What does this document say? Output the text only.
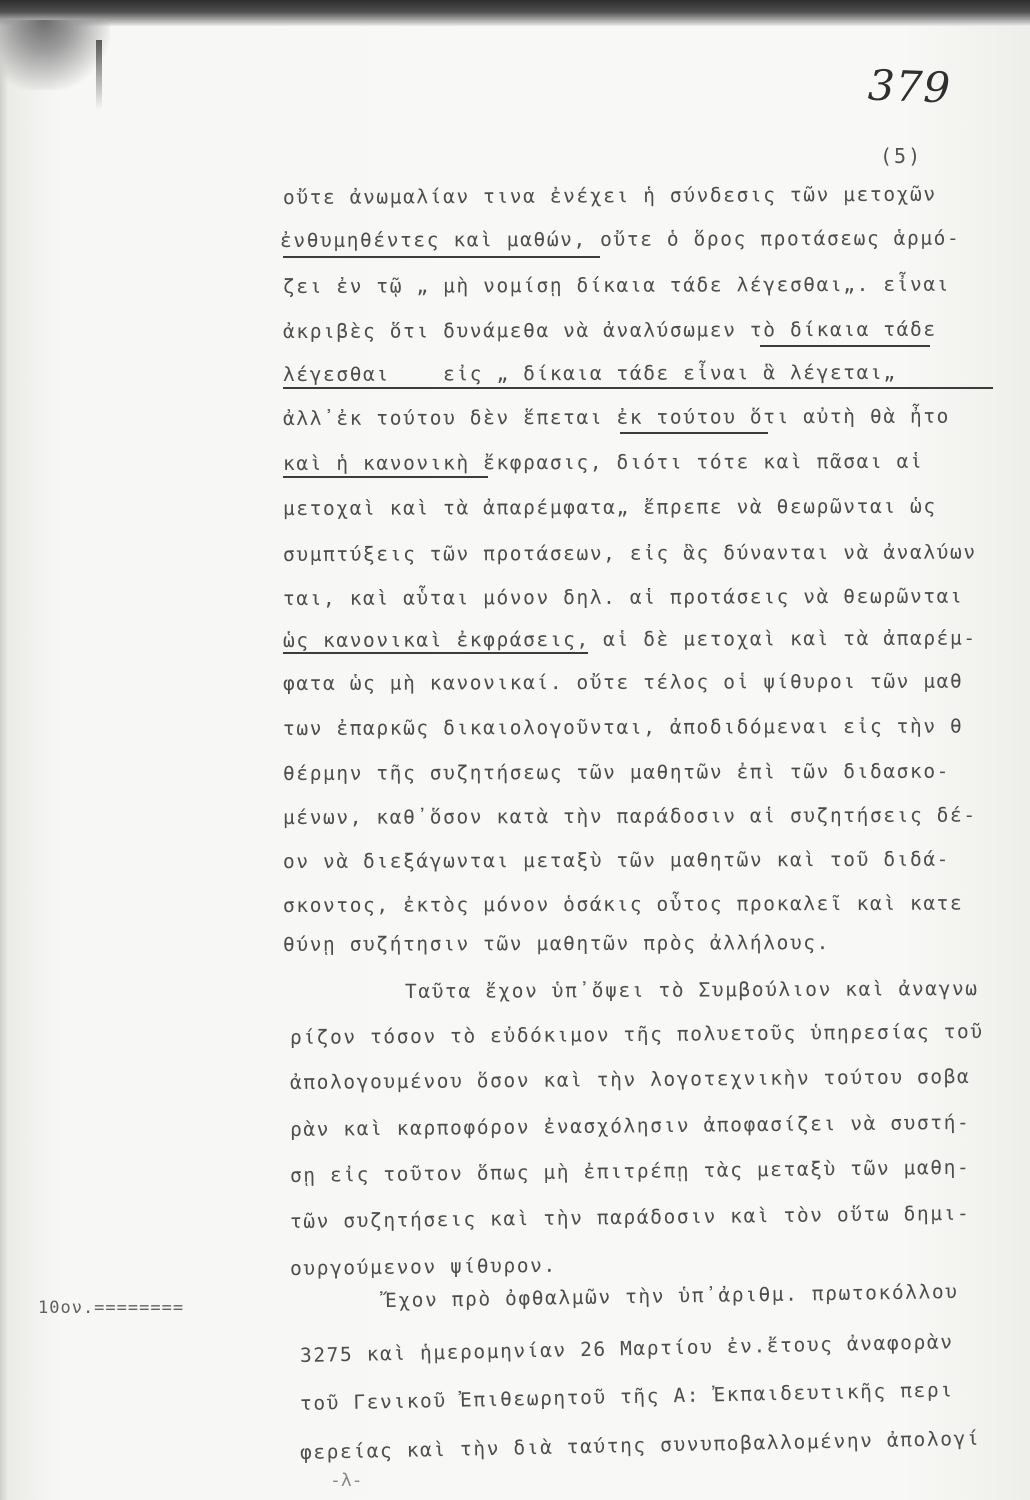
379
(5)
οὔτε ἀνωμαλίαν τινα ἐνέχει ἡ σύνδεσις τῶν μετοχῶν
ἐνθυμηθέντες καὶ μαθών, οὔτε ὁ ὅρος προτάσεως ἁρμό-
ζει ἐν τῷ „ μὴ νομίσῃ δίκαια τάδε λέγεσθαι„. εἶναι
ἀκριβὲς ὅτι δυνάμεθα νὰ ἀναλύσωμεν τὸ δίκαια τάδε
λέγεσθαι    εἰς „ δίκαια τάδε εἶναι ἃ λέγεται„
ἀλλ᾽ἐκ τούτου δὲν ἕπεται ἐκ τούτου ὅτι αὐτὴ θὰ ἦτο
καὶ ἡ κανονικὴ ἔκφρασις, διότι τότε καὶ πᾶσαι αἱ
μετοχαὶ καὶ τὰ ἀπαρέμφατα„ ἔπρεπε νὰ θεωρῶνται ὡς
συμπτύξεις τῶν προτάσεων, εἰς ἃς δύνανται νὰ ἀναλύων
ται, καὶ αὗται μόνον δηλ. αἱ προτάσεις νὰ θεωρῶνται
ὡς κανονικαὶ ἐκφράσεις, αἱ δὲ μετοχαὶ καὶ τὰ ἀπαρέμ-
φατα ὡς μὴ κανονικαί. οὔτε τέλος οἱ ψίθυροι τῶν μαθ
των ἐπαρκῶς δικαιολογοῦνται, ἀποδιδόμεναι εἰς τὴν θ
θέρμην τῆς συζητήσεως τῶν μαθητῶν ἐπὶ τῶν διδασκο-
μένων, καθ᾽ὅσον κατὰ τὴν παράδοσιν αἱ συζητήσεις δέ-
ον νὰ διεξάγωνται μεταξὺ τῶν μαθητῶν καὶ τοῦ διδά-
σκοντος, ἐκτὸς μόνον ὁσάκις οὗτος προκαλεῖ καὶ κατε
θύνῃ συζήτησιν τῶν μαθητῶν πρὸς ἀλλήλους.
Ταῦτα ἔχον ὑπ᾽ὄψει τὸ Συμβούλιον καὶ ἀναγνω
ρίζον τόσον τὸ εὐδόκιμον τῆς πολυετοῦς ὑπηρεσίας τοῦ
ἀπολογουμένου ὅσον καὶ τὴν λογοτεχνικὴν τούτου σοβα
ρὰν καὶ καρποφόρον ἐνασχόλησιν ἀποφασίζει νὰ συστή-
σῃ εἰς τοῦτον ὅπως μὴ ἐπιτρέπῃ τὰς μεταξὺ τῶν μαθη-
τῶν συζητήσεις καὶ τὴν παράδοσιν καὶ τὸν οὕτω δημι-
ουργούμενον ψίθυρον.
Ἔχον πρὸ ὀφθαλμῶν τὴν ὑπ᾽ἀριθμ. πρωτοκόλλου
3275 καὶ ἡμερομηνίαν 26 Μαρτίου ἐν.ἔτους ἀναφορὰν
τοῦ Γενικοῦ Ἐπιθεωρητοῦ τῆς Α: Ἐκπαιδευτικῆς περι
φερείας καὶ τὴν διὰ ταύτης συνυποβαλλομένην ἀπολογί
10ον.========
-λ-
